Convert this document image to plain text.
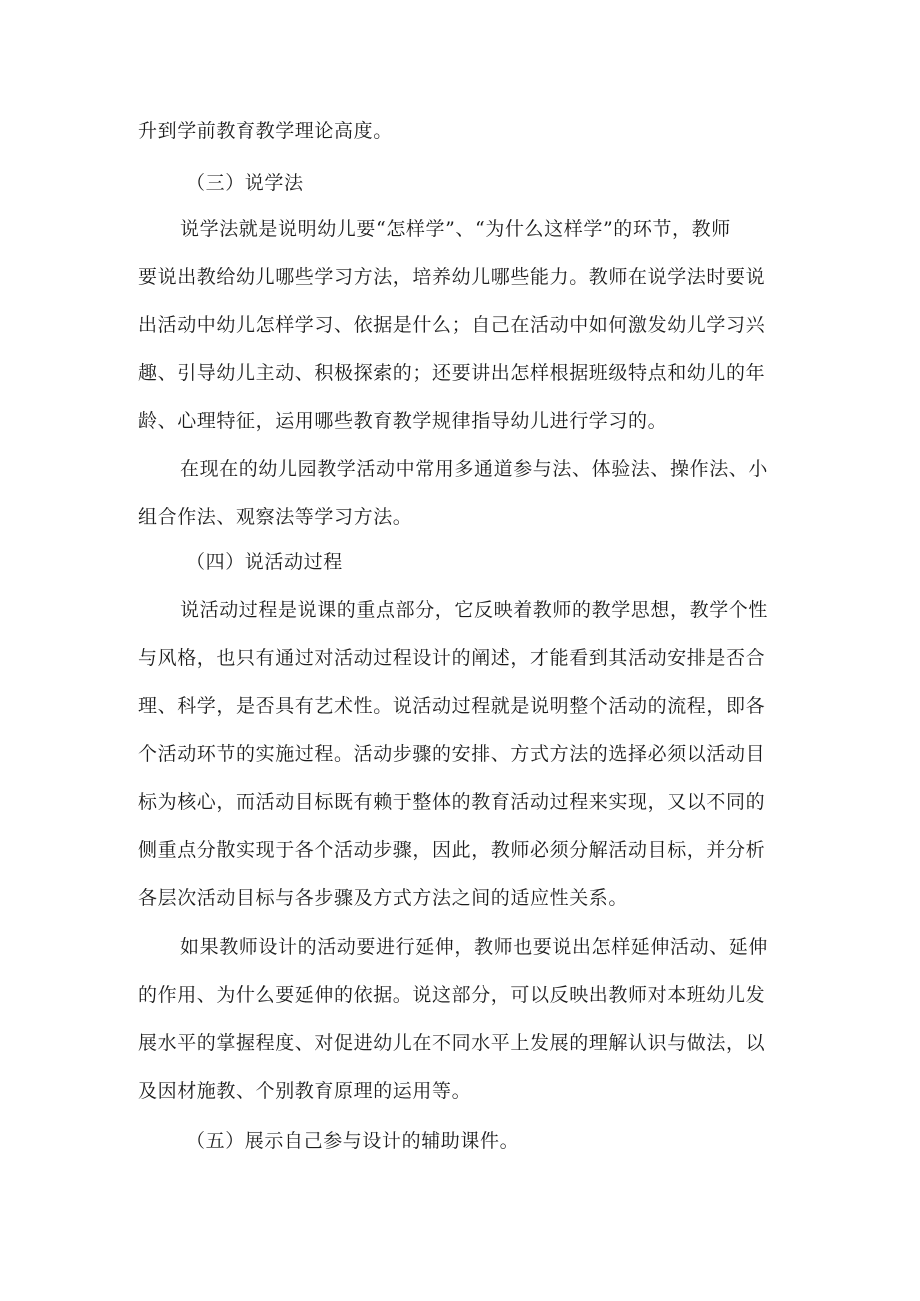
升到学前教育教学理论高度。
（三）说学法
说学法就是说明幼儿要“怎样学”、“为什么这样学”的环节，教师
要说出教给幼儿哪些学习方法，培养幼儿哪些能力。教师在说学法时要说
出活动中幼儿怎样学习、依据是什么；自己在活动中如何激发幼儿学习兴
趣、引导幼儿主动、积极探索的；还要讲出怎样根据班级特点和幼儿的年
龄、心理特征，运用哪些教育教学规律指导幼儿进行学习的。
在现在的幼儿园教学活动中常用多通道参与法、体验法、操作法、小
组合作法、观察法等学习方法。
（四）说活动过程
说活动过程是说课的重点部分，它反映着教师的教学思想，教学个性
与风格，也只有通过对活动过程设计的阐述，才能看到其活动安排是否合
理、科学，是否具有艺术性。说活动过程就是说明整个活动的流程，即各
个活动环节的实施过程。活动步骤的安排、方式方法的选择必须以活动目
标为核心，而活动目标既有赖于整体的教育活动过程来实现，又以不同的
侧重点分散实现于各个活动步骤，因此，教师必须分解活动目标，并分析
各层次活动目标与各步骤及方式方法之间的适应性关系。
如果教师设计的活动要进行延伸，教师也要说出怎样延伸活动、延伸
的作用、为什么要延伸的依据。说这部分，可以反映出教师对本班幼儿发
展水平的掌握程度、对促进幼儿在不同水平上发展的理解认识与做法，以
及因材施教、个别教育原理的运用等。
（五）展示自己参与设计的辅助课件。
